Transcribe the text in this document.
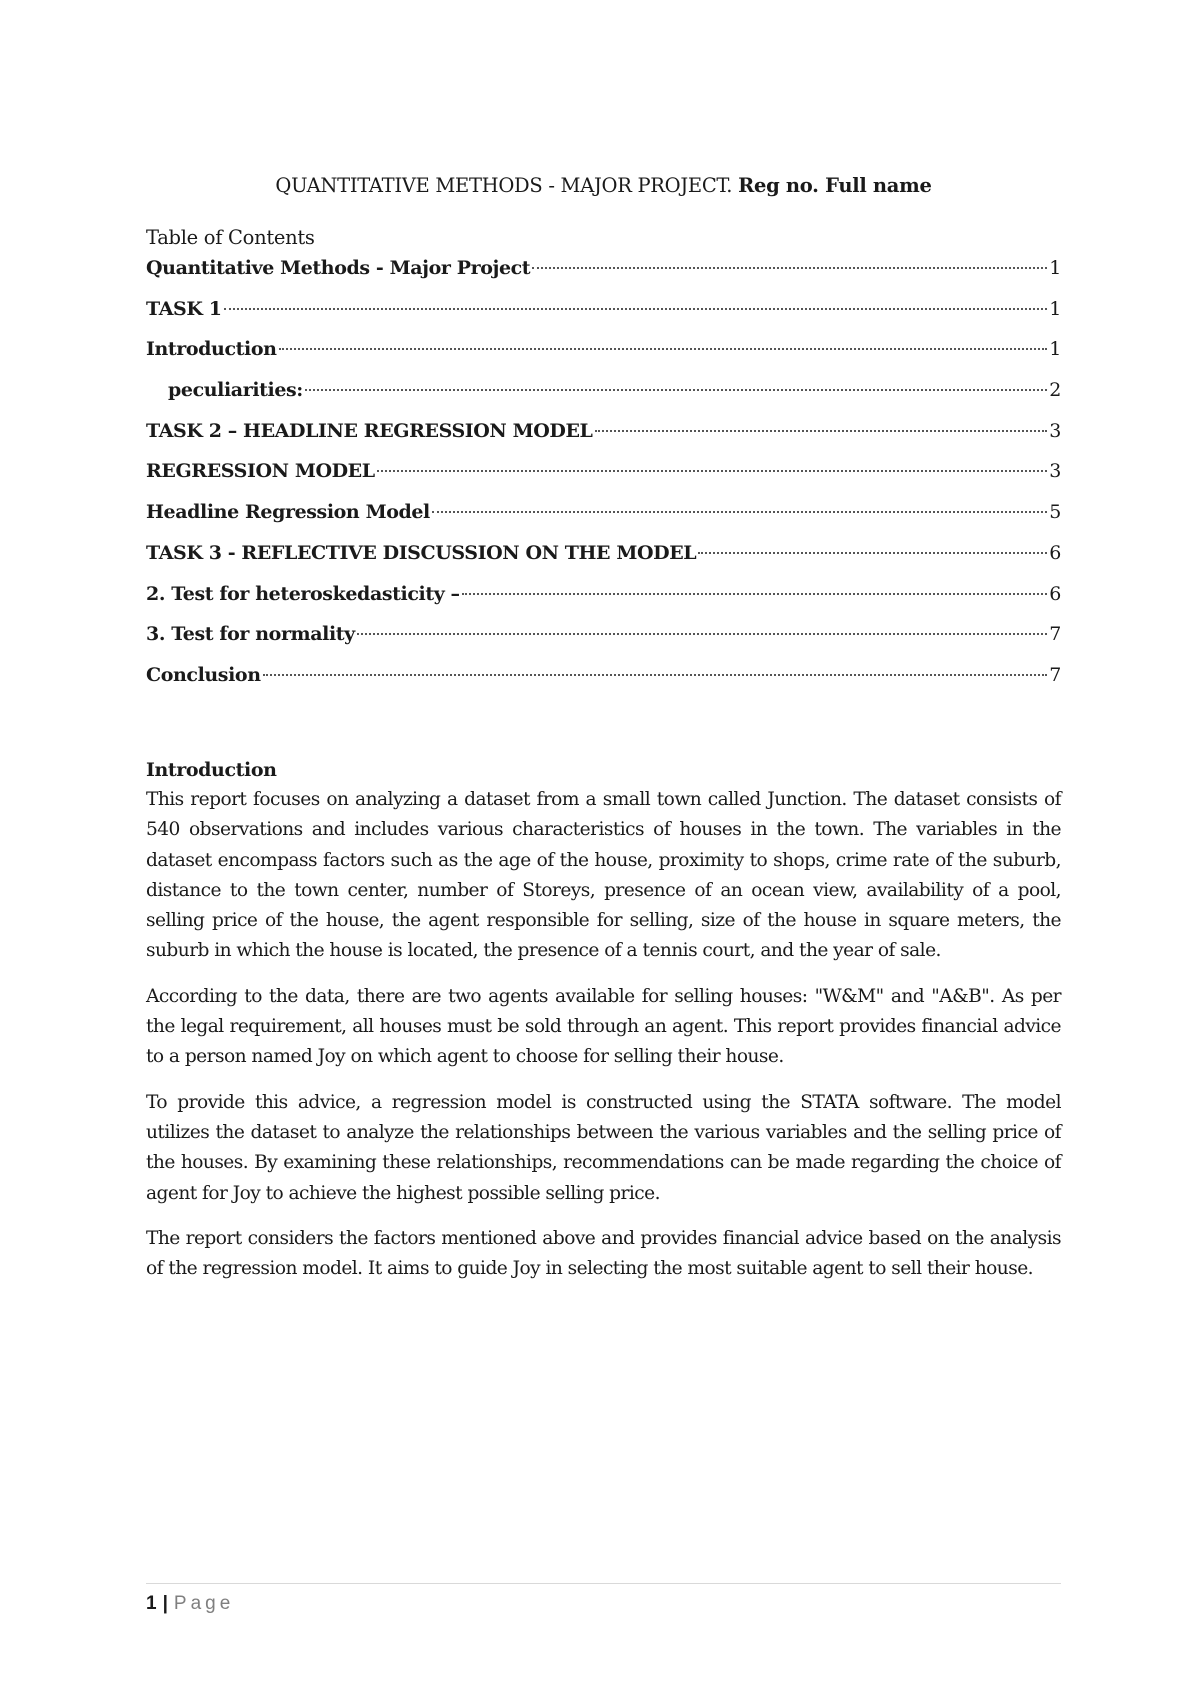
QUANTITATIVE METHODS - MAJOR PROJECT. Reg no. Full name
Table of Contents
Quantitative Methods - Major Project	1
TASK 1	1
Introduction	1
peculiarities:	2
TASK 2 – HEADLINE REGRESSION MODEL	3
REGRESSION MODEL	3
Headline Regression Model	5
TASK 3 - REFLECTIVE DISCUSSION ON THE MODEL	6
2. Test for heteroskedasticity –	6
3. Test for normality	7
Conclusion	7
Introduction

This report focuses on analyzing a dataset from a small town called Junction. The dataset consists of 540 observations and includes various characteristics of houses in the town. The variables in the dataset encompass factors such as the age of the house, proximity to shops, crime rate of the suburb, distance to the town center, number of Storeys, presence of an ocean view, availability of a pool, selling price of the house, the agent responsible for selling, size of the house in square meters, the suburb in which the house is located, the presence of a tennis court, and the year of sale.

According to the data, there are two agents available for selling houses: "W&M" and "A&B". As per the legal requirement, all houses must be sold through an agent. This report provides financial advice to a person named Joy on which agent to choose for selling their house.

To provide this advice, a regression model is constructed using the STATA software. The model utilizes the dataset to analyze the relationships between the various variables and the selling price of the houses. By examining these relationships, recommendations can be made regarding the choice of agent for Joy to achieve the highest possible selling price.

The report considers the factors mentioned above and provides financial advice based on the analysis of the regression model. It aims to guide Joy in selecting the most suitable agent to sell their house.

1 | Page
